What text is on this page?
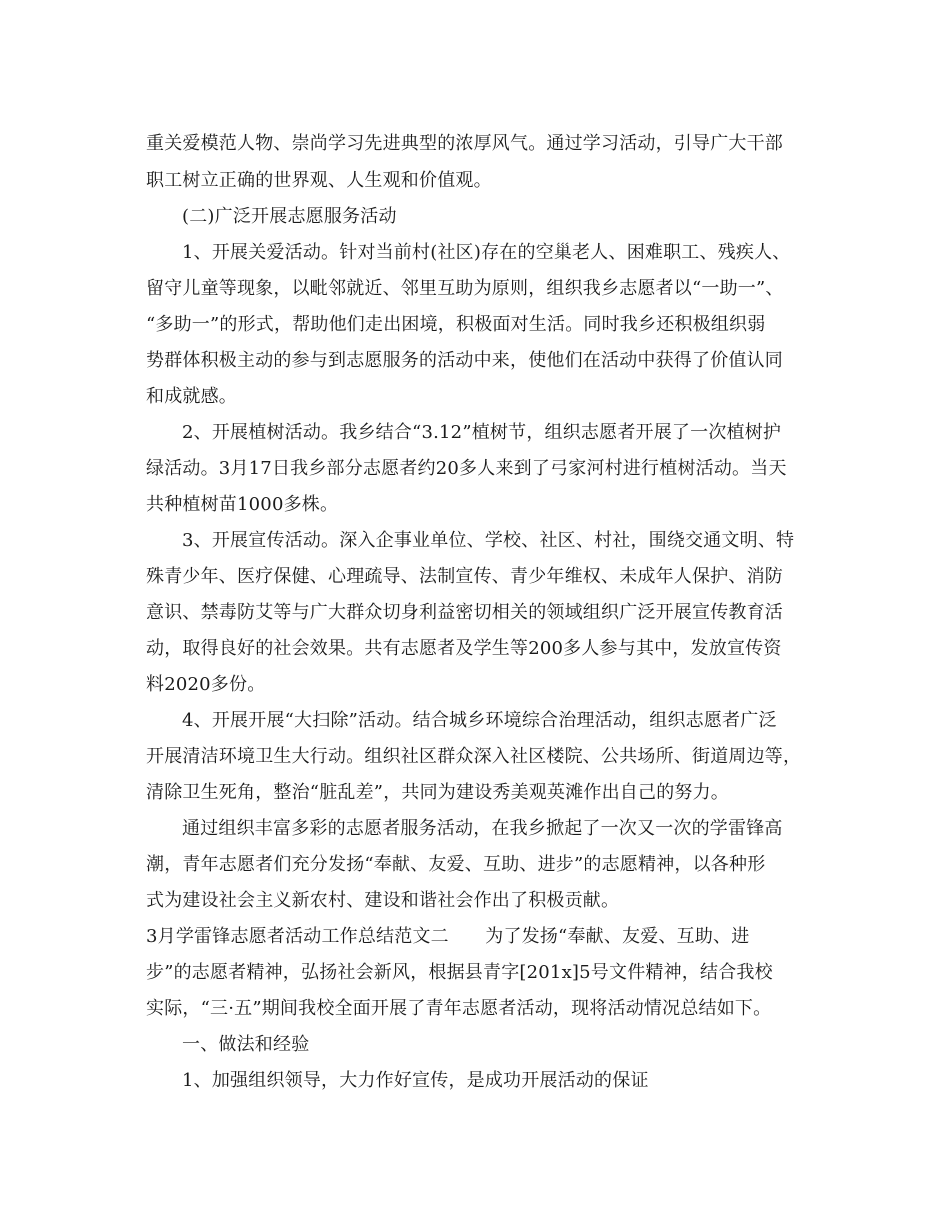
重关爱模范人物、崇尚学习先进典型的浓厚风气。通过学习活动，引导广大干部
职工树立正确的世界观、人生观和价值观。
(二)广泛开展志愿服务活动
1、开展关爱活动。针对当前村(社区)存在的空巢老人、困难职工、残疾人、
留守儿童等现象，以毗邻就近、邻里互助为原则，组织我乡志愿者以“一助一”、
“多助一”的形式，帮助他们走出困境，积极面对生活。同时我乡还积极组织弱
势群体积极主动的参与到志愿服务的活动中来，使他们在活动中获得了价值认同
和成就感。
2、开展植树活动。我乡结合“3.12”植树节，组织志愿者开展了一次植树护
绿活动。3月17日我乡部分志愿者约20多人来到了弓家河村进行植树活动。当天
共种植树苗1000多株。
3、开展宣传活动。深入企事业单位、学校、社区、村社，围绕交通文明、特
殊青少年、医疗保健、心理疏导、法制宣传、青少年维权、未成年人保护、消防
意识、禁毒防艾等与广大群众切身利益密切相关的领域组织广泛开展宣传教育活
动，取得良好的社会效果。共有志愿者及学生等200多人参与其中，发放宣传资
料2020多份。
4、开展开展“大扫除”活动。结合城乡环境综合治理活动，组织志愿者广泛
开展清洁环境卫生大行动。组织社区群众深入社区楼院、公共场所、街道周边等，
清除卫生死角，整治“脏乱差”，共同为建设秀美观英滩作出自己的努力。
通过组织丰富多彩的志愿者服务活动，在我乡掀起了一次又一次的学雷锋高
潮，青年志愿者们充分发扬“奉献、友爱、互助、进步”的志愿精神，以各种形
式为建设社会主义新农村、建设和谐社会作出了积极贡献。
3月学雷锋志愿者活动工作总结范文二　　为了发扬“奉献、友爱、互助、进
步”的志愿者精神，弘扬社会新风，根据县青字[201x]5号文件精神，结合我校
实际，“三·五”期间我校全面开展了青年志愿者活动，现将活动情况总结如下。
一、做法和经验
1、加强组织领导，大力作好宣传，是成功开展活动的保证
